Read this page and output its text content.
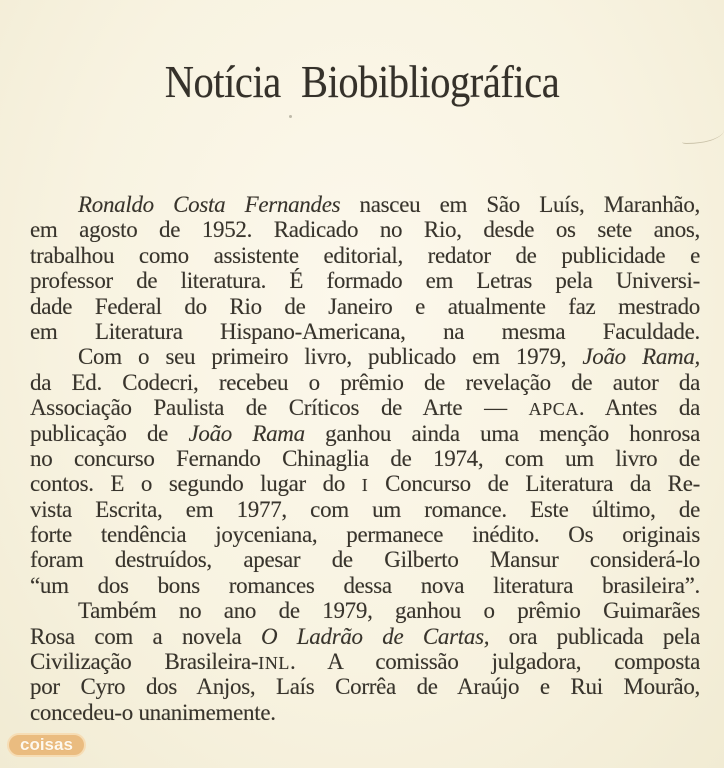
Notícia Biobibliográfica
Ronaldo Costa Fernandes nasceu em São Luís, Maranhão,
em agosto de 1952. Radicado no Rio, desde os sete anos,
trabalhou como assistente editorial, redator de publicidade e
professor de literatura. É formado em Letras pela Universi-
dade Federal do Rio de Janeiro e atualmente faz mestrado
em Literatura Hispano-Americana, na mesma Faculdade.
Com o seu primeiro livro, publicado em 1979, João Rama,
da Ed. Codecri, recebeu o prêmio de revelação de autor da
Associação Paulista de Críticos de Arte — APCA. Antes da
publicação de João Rama ganhou ainda uma menção honrosa
no concurso Fernando Chinaglia de 1974, com um livro de
contos. E o segundo lugar do I Concurso de Literatura da Re-
vista Escrita, em 1977, com um romance. Este último, de
forte tendência joyceniana, permanece inédito. Os originais
foram destruídos, apesar de Gilberto Mansur considerá-lo
“um dos bons romances dessa nova literatura brasileira”.
Também no ano de 1979, ganhou o prêmio Guimarães
Rosa com a novela O Ladrão de Cartas, ora publicada pela
Civilização Brasileira-INL. A comissão julgadora, composta
por Cyro dos Anjos, Laís Corrêa de Araújo e Rui Mourão,
concedeu-o unanimemente.
coisas
